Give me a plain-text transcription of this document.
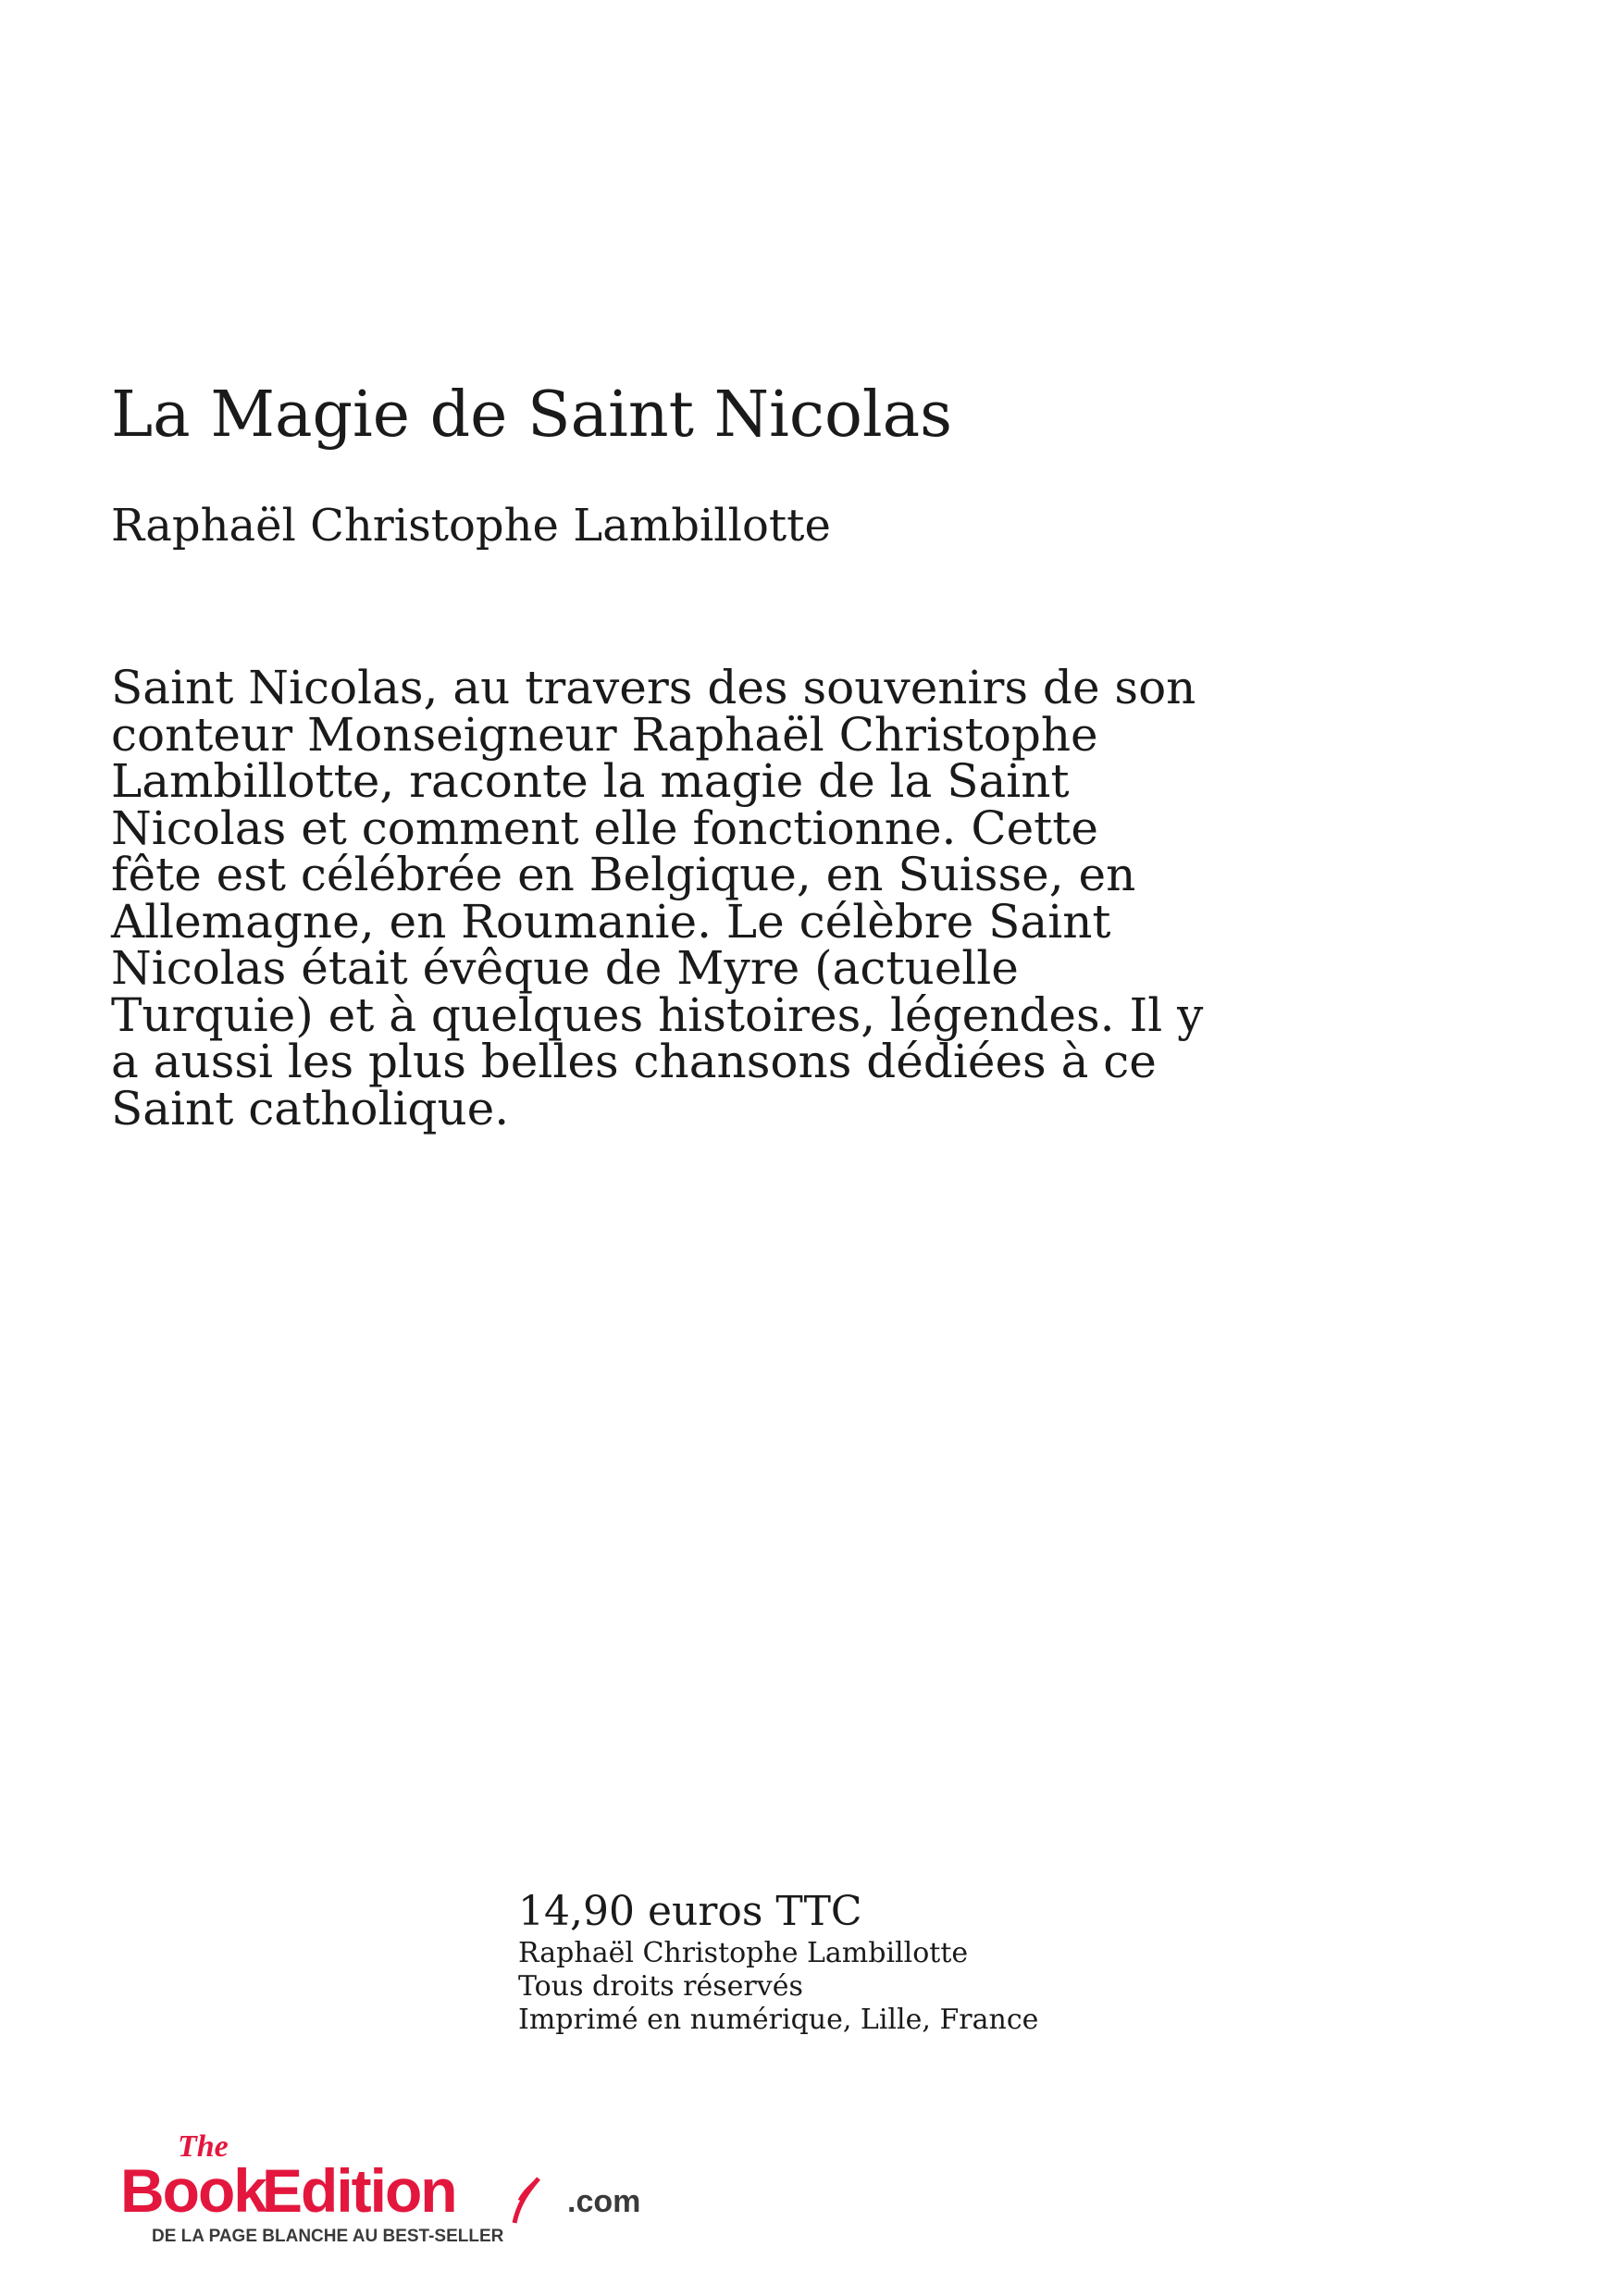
La Magie de Saint Nicolas
Raphaël Christophe Lambillotte
Saint Nicolas, au travers des souvenirs de son
conteur Monseigneur Raphaël Christophe
Lambillotte, raconte la magie de la Saint
Nicolas et comment elle fonctionne. Cette
fête est célébrée en Belgique, en Suisse, en
Allemagne, en Roumanie. Le célèbre Saint
Nicolas était évêque de Myre (actuelle
Turquie) et à quelques histoires, légendes. Il y
a aussi les plus belles chansons dédiées à ce
Saint catholique.
14,90 euros TTC
Raphaël Christophe Lambillotte
Tous droits réservés
Imprimé en numérique, Lille, France
The
Book
Edition	.com
DE LA PAGE BLANCHE AU BEST-SELLER
